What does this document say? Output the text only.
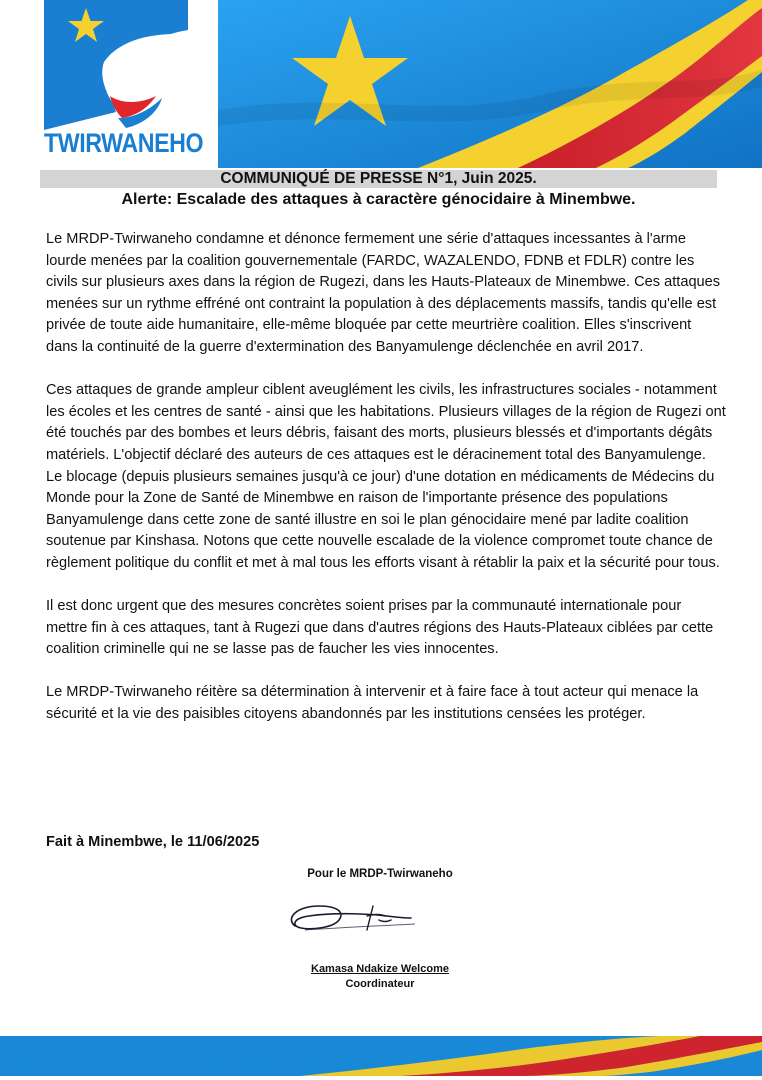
TWIRWANEHO
COMMUNIQUÉ DE PRESSE N°1, Juin 2025.
Alerte: Escalade des attaques à caractère génocidaire à Minembwe.

Le MRDP-Twirwaneho condamne et dénonce fermement une série d'attaques incessantes à l'arme lourde menées par la coalition gouvernementale (FARDC, WAZALENDO, FDNB et FDLR) contre les civils sur plusieurs axes dans la région de Rugezi, dans les Hauts-Plateaux de Minembwe. Ces attaques menées sur un rythme effréné ont contraint la population à des déplacements massifs, tandis qu'elle est privée de toute aide humanitaire, elle-même bloquée par cette meurtrière coalition. Elles s'inscrivent dans la continuité de la guerre d'extermination des Banyamulenge déclenchée en avril 2017.

Ces attaques de grande ampleur ciblent aveuglément les civils, les infrastructures sociales - notamment les écoles et les centres de santé - ainsi que les habitations. Plusieurs villages de la région de Rugezi ont été touchés par des bombes et leurs débris, faisant des morts, plusieurs blessés et d'importants dégâts matériels. L'objectif déclaré des auteurs de ces attaques est le déracinement total des Banyamulenge. Le blocage (depuis plusieurs semaines jusqu'à ce jour) d'une dotation en médicaments de Médecins du Monde pour la Zone de Santé de Minembwe en raison de l'importante présence des populations Banyamulenge dans cette zone de santé illustre en soi le plan génocidaire mené par ladite coalition soutenue par Kinshasa. Notons que cette nouvelle escalade de la violence compromet toute chance de règlement politique du conflit et met à mal tous les efforts visant à rétablir la paix et la sécurité pour tous.

Il est donc urgent que des mesures concrètes soient prises par la communauté internationale pour mettre fin à ces attaques, tant à Rugezi que dans d'autres régions des Hauts-Plateaux ciblées par cette coalition criminelle qui ne se lasse pas de faucher les vies innocentes.

Le MRDP-Twirwaneho réitère sa détermination à intervenir et à faire face à tout acteur qui menace la sécurité et la vie des paisibles citoyens abandonnés par les institutions censées les protéger.

Fait à Minembwe, le 11/06/2025
Pour le MRDP-Twirwaneho
Kamasa Ndakize Welcome
Coordinateur
